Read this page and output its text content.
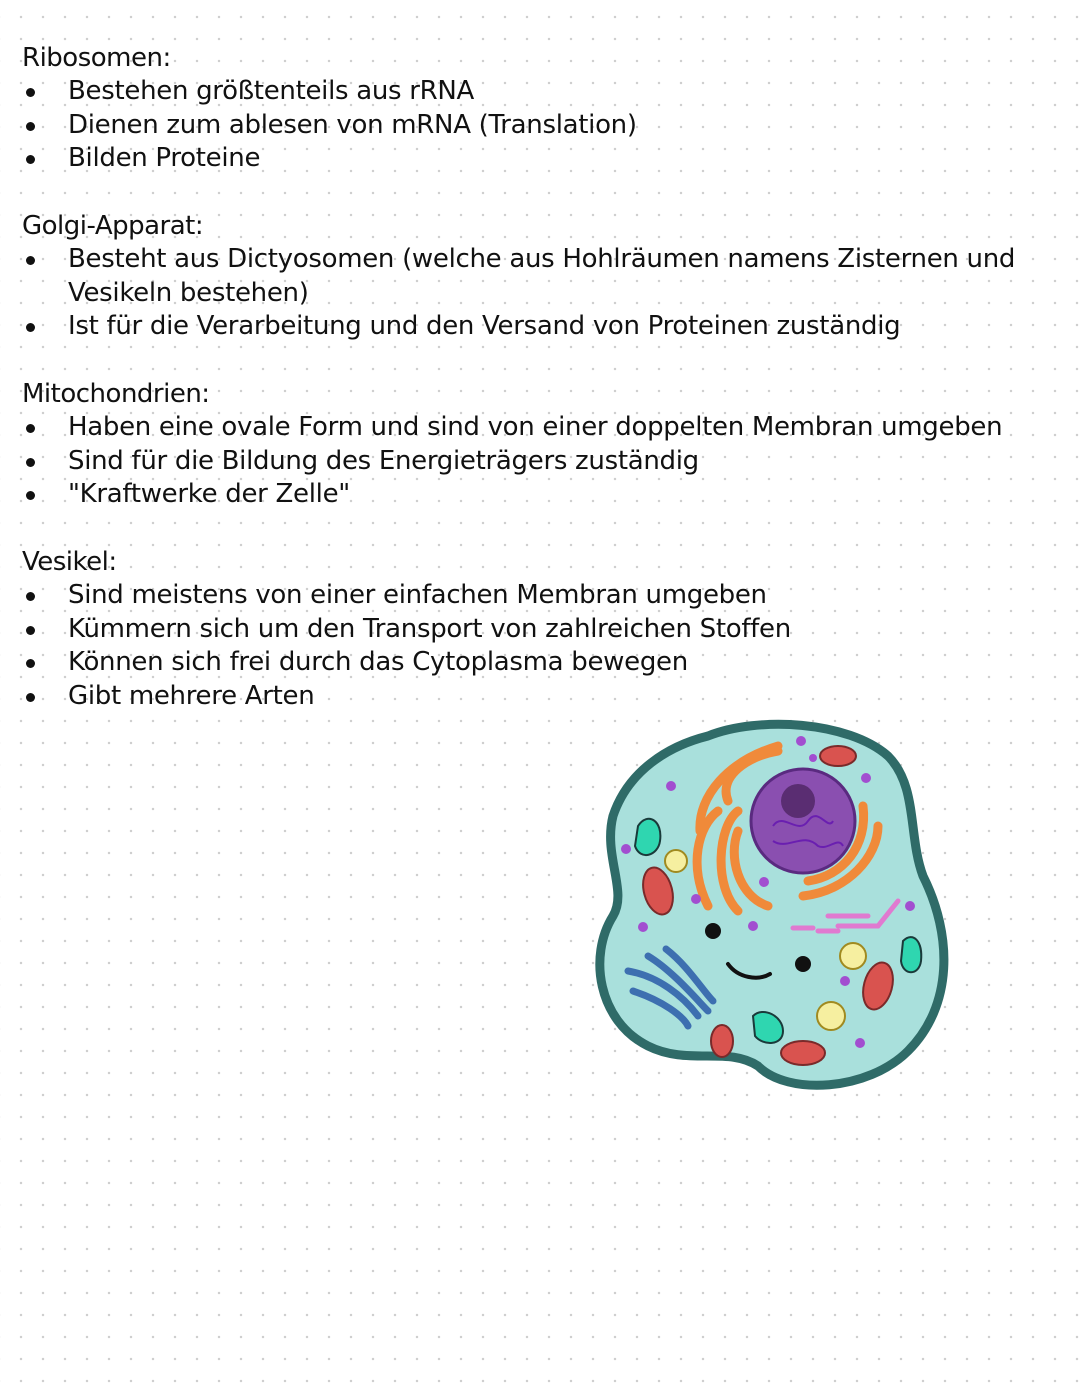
Ribosomen:
Bestehen größtenteils aus rRNA
Dienen zum ablesen von mRNA (Translation)
Bilden Proteine
Golgi-Apparat:
Besteht aus Dictyosomen (welche aus Hohlräumen namens Zisternen und
Vesikeln bestehen)
Ist für die Verarbeitung und den Versand von Proteinen zuständig
Mitochondrien:
Haben eine ovale Form und sind von einer doppelten Membran umgeben
Sind für die Bildung des Energieträgers zuständig
"Kraftwerke der Zelle"
Vesikel:
Sind meistens von einer einfachen Membran umgeben
Kümmern sich um den Transport von zahlreichen Stoffen
Können sich frei durch das Cytoplasma bewegen
Gibt mehrere Arten
